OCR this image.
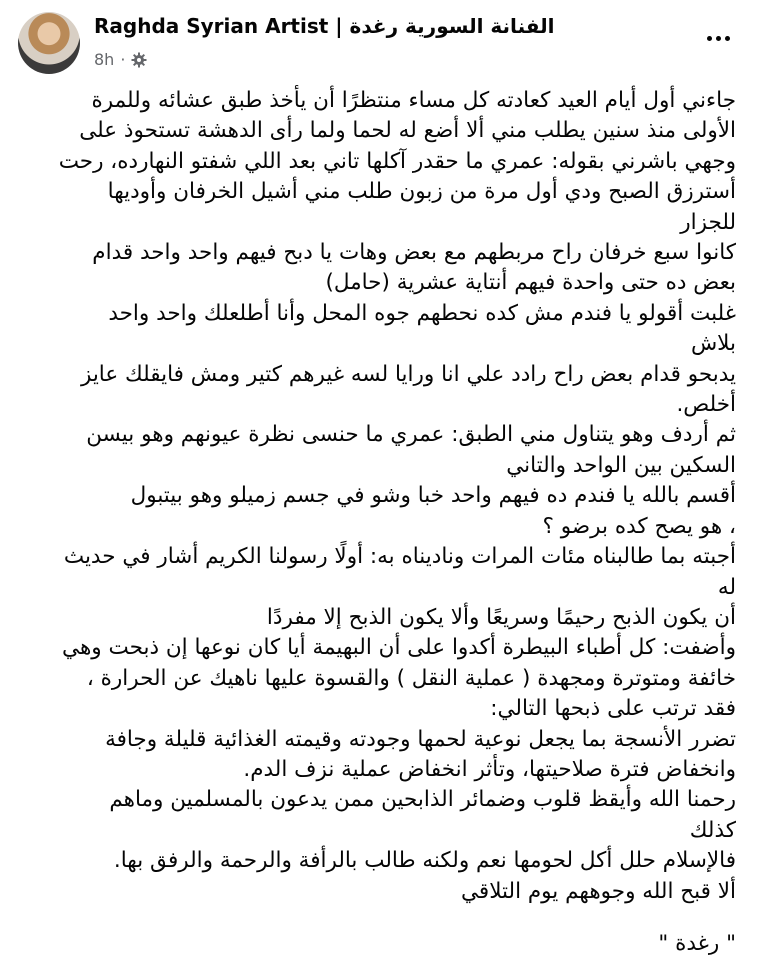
Raghda Syrian Artist | الفنانة السورية رغدة
8h ·

جاءني أول أيام العيد كعادته كل مساء منتظرًا أن يأخذ طبق عشائه وللمرة

الأولى منذ سنين يطلب مني ألا أضع له لحما ولما رأى الدهشة تستحوذ على

وجهي باشرني بقوله: عمري ما حقدر آكلها تاني بعد اللي شفتو النهارده، رحت

أسترزق الصبح ودي أول مرة من زبون طلب مني أشيل الخرفان وأوديها للجزار

كانوا سبع خرفان راح مربطهم مع بعض وهات يا دبح فيهم واحد واحد قدام

بعض ده حتى واحدة فيهم أنتاية عشرية (حامل)

غلبت أقولو يا فندم مش كده نحطهم جوه المحل وأنا أطلعلك واحد واحد بلاش

يدبحو قدام بعض راح رادد علي انا ورايا لسه غيرهم كتير ومش فايقلك عايز

أخلص.

ثم أردف وهو يتناول مني الطبق: عمري ما حنسى نظرة عيونهم وهو بيسن

السكين بين الواحد والتاني

أقسم بالله يا فندم ده فيهم واحد خبا وشو في جسم زميلو وهو بيتبول

، هو يصح كده برضو ؟

أجبته بما طالبناه مئات المرات وناديناه به: أولًا رسولنا الكريم أشار في حديث له

أن يكون الذبح رحيمًا وسريعًا وألا يكون الذبح إلا مفردًا

وأضفت: كل أطباء البيطرة أكدوا على أن البهيمة أيا كان نوعها إن ذبحت وهي

خائفة ومتوترة ومجهدة ( عملية النقل ) والقسوة عليها ناهيك عن الحرارة ،

فقد ترتب على ذبحها التالي:

تضرر الأنسجة بما يجعل نوعية لحمها وجودته وقيمته الغذائية قليلة وجافة

وانخفاض فترة صلاحيتها، وتأثر انخفاض عملية نزف الدم.

رحمنا الله وأيقظ قلوب وضمائر الذابحين ممن يدعون بالمسلمين وماهم كذلك

فالإسلام حلل أكل لحومها نعم ولكنه طالب بالرأفة والرحمة والرفق بها.

ألا قبح الله وجوههم يوم التلاقي

" رغدة "
